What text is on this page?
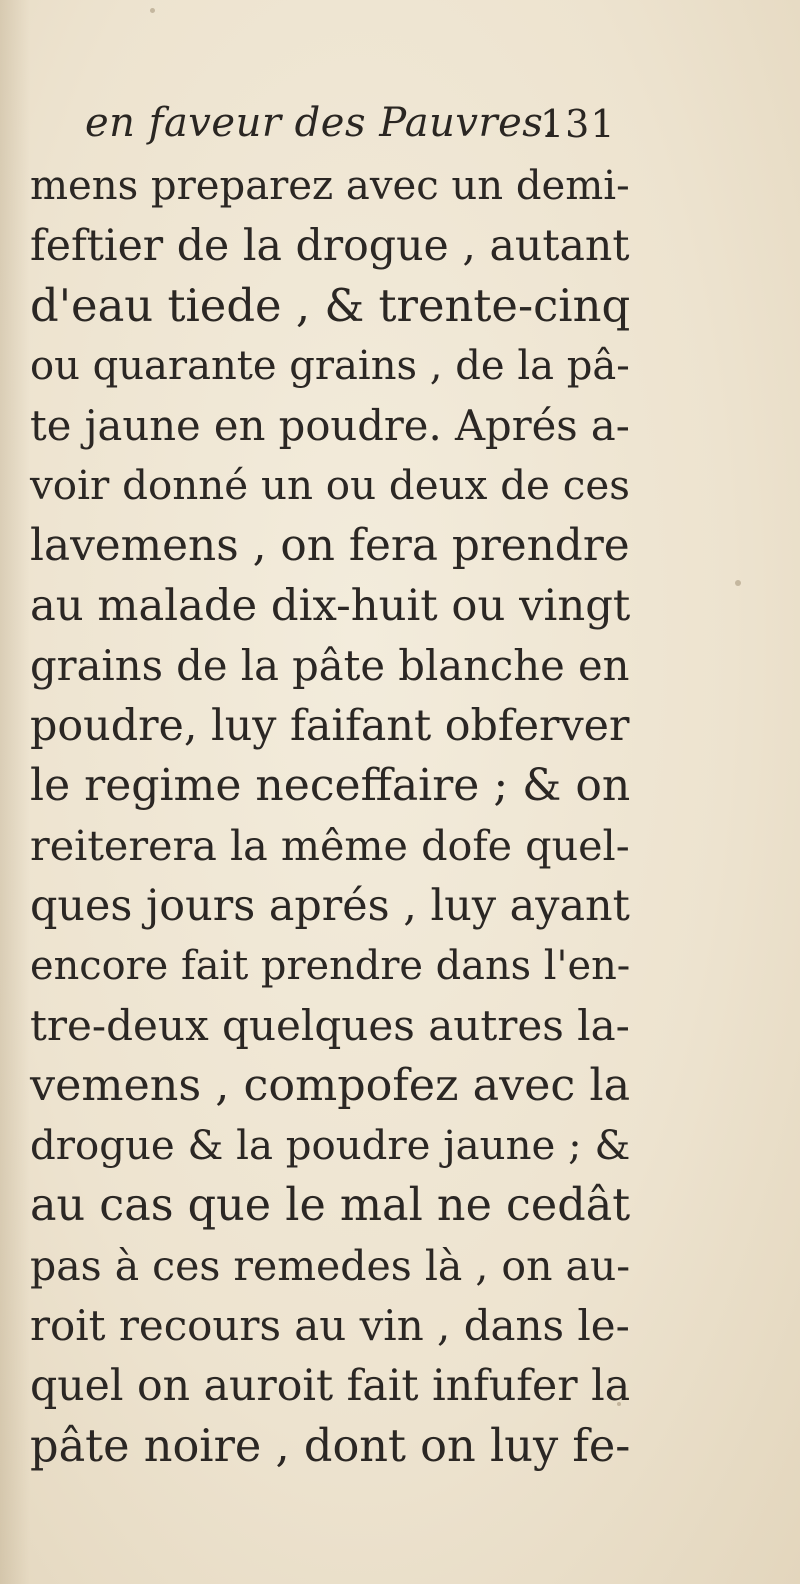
en faveur des Pauvres.
131
mens preparez avec un demi-
feftier de la drogue , autant
d'eau tiede , & trente-cinq
ou quarante grains , de la pâ-
te jaune en poudre. Aprés a-
voir donné un ou deux de ces
lavemens , on fera prendre
au malade dix-huit ou vingt
grains de la pâte blanche en
poudre, luy faifant obferver
le regime neceffaire ; & on
reiterera la même dofe quel-
ques jours aprés , luy ayant
encore fait prendre dans l'en-
tre-deux quelques autres la-
vemens , compofez avec la
drogue & la poudre jaune ; &
au cas que le mal ne cedât
pas à ces remedes là , on au-
roit recours au vin , dans le-
quel on auroit fait infufer la
pâte noire , dont on luy fe-
